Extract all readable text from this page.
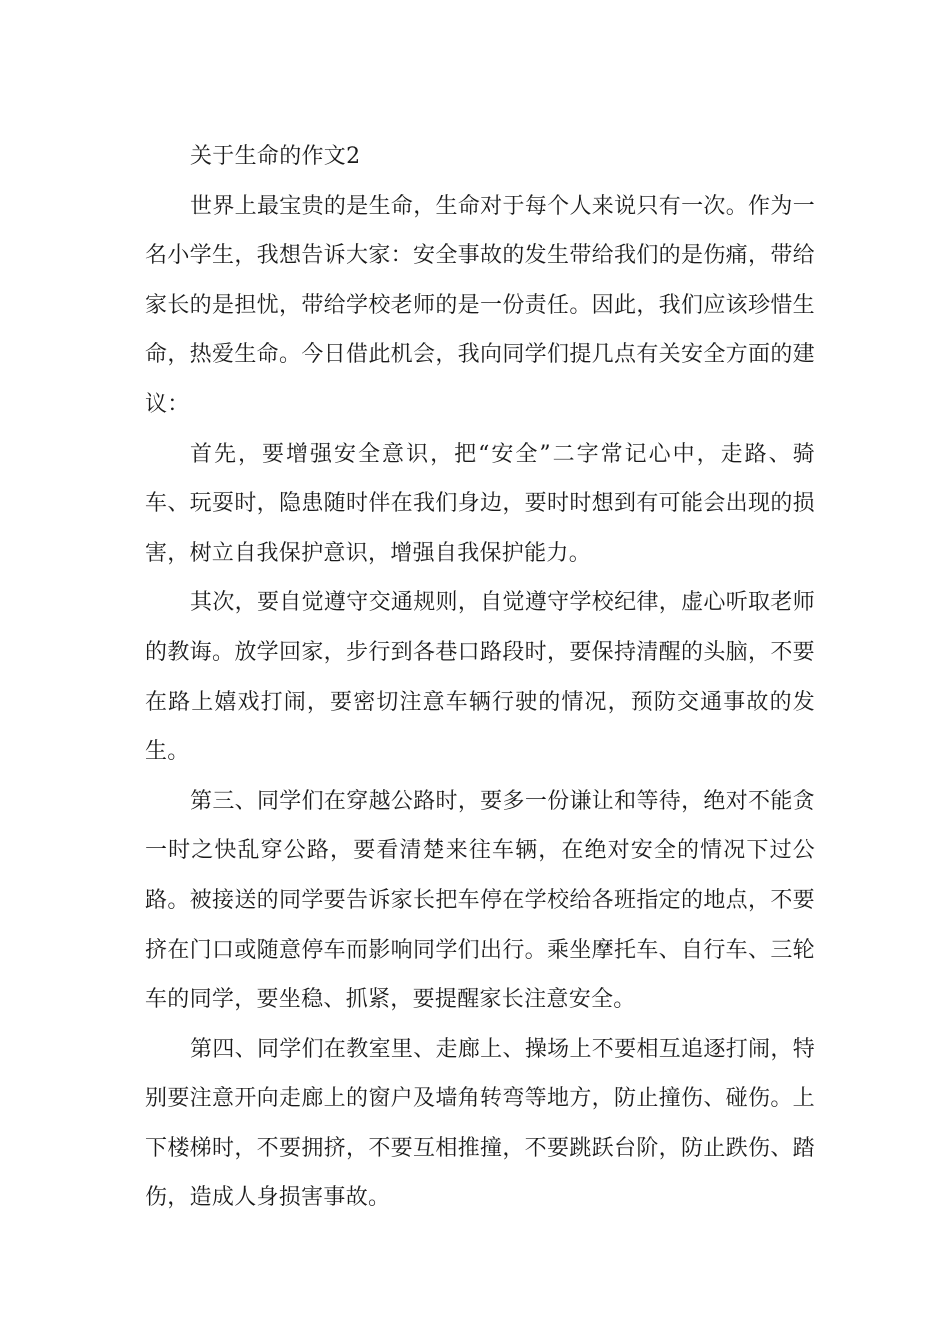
关于生命的作文2

世界上最宝贵的是生命，生命对于每个人来说只有一次。作为一名小学生，我想告诉大家：安全事故的发生带给我们的是伤痛，带给家长的是担忧，带给学校老师的是一份责任。因此，我们应该珍惜生命，热爱生命。今日借此机会，我向同学们提几点有关安全方面的建议：

首先，要增强安全意识，把“安全”二字常记心中，走路、骑车、玩耍时，隐患随时伴在我们身边，要时时想到有可能会出现的损害，树立自我保护意识，增强自我保护能力。

其次，要自觉遵守交通规则，自觉遵守学校纪律，虚心听取老师的教诲。放学回家，步行到各巷口路段时，要保持清醒的头脑，不要在路上嬉戏打闹，要密切注意车辆行驶的情况，预防交通事故的发生。

第三、同学们在穿越公路时，要多一份谦让和等待，绝对不能贪一时之快乱穿公路，要看清楚来往车辆，在绝对安全的情况下过公路。被接送的同学要告诉家长把车停在学校给各班指定的地点，不要挤在门口或随意停车而影响同学们出行。乘坐摩托车、自行车、三轮车的同学，要坐稳、抓紧，要提醒家长注意安全。

第四、同学们在教室里、走廊上、操场上不要相互追逐打闹，特别要注意开向走廊上的窗户及墙角转弯等地方，防止撞伤、碰伤。上下楼梯时，不要拥挤，不要互相推撞，不要跳跃台阶，防止跌伤、踏伤，造成人身损害事故。
